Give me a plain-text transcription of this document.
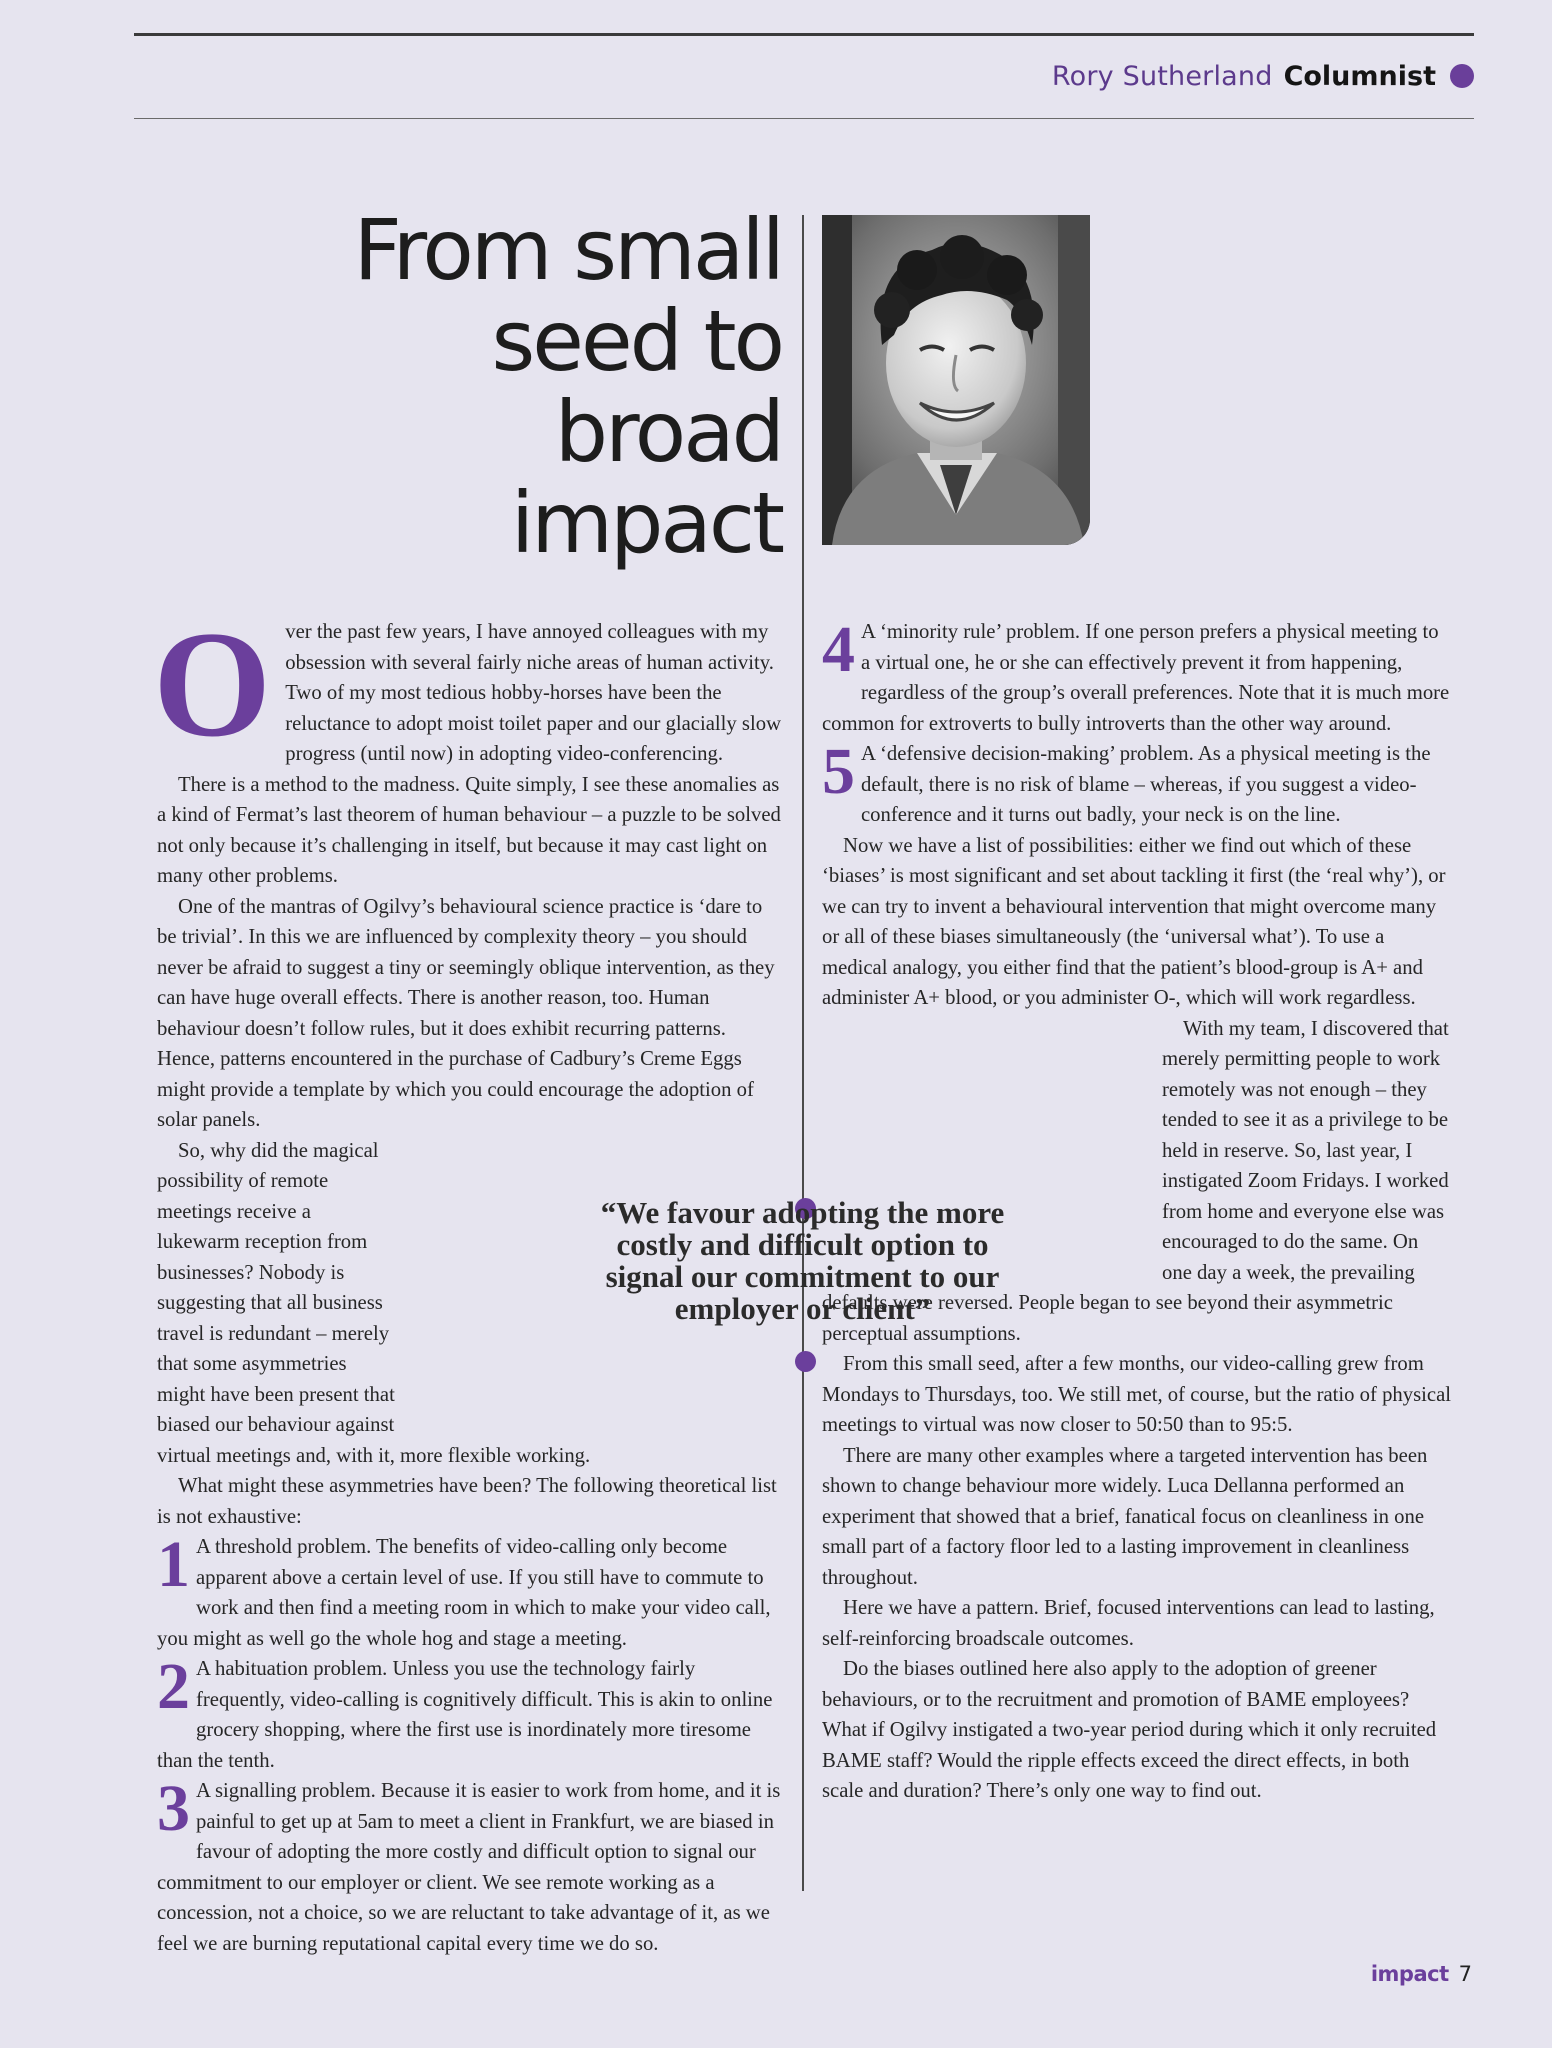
Rory Sutherland Columnist
From small
seed to
broad
impact

Over the past few years, I have annoyed colleagues with my obsession with several fairly niche areas of human activity. Two of my most tedious hobby-horses have been the reluctance to adopt moist toilet paper and our glacially slow progress (until now) in adopting video-conferencing.

There is a method to the madness. Quite simply, I see these anomalies as a kind of Fermat’s last theorem of human behaviour – a puzzle to be solved not only because it’s challenging in itself, but because it may cast light on many other problems.

One of the mantras of Ogilvy’s behavioural science practice is ‘dare to be trivial’. In this we are influenced by complexity theory – you should never be afraid to suggest a tiny or seemingly oblique intervention, as they can have huge overall effects. There is another reason, too. Human behaviour doesn’t follow rules, but it does exhibit recurring patterns. Hence, patterns encountered in the purchase of Cadbury’s Creme Eggs might provide a template by which you could encourage the adoption of solar panels.

So, why did the magical possibility of remote meetings receive a lukewarm reception from businesses? Nobody is suggesting that all business travel is redundant – merely that some asymmetries might have been present that biased our behaviour against virtual meetings and, with it, more flexible working.

What might these asymmetries have been? The following theoretical list is not exhaustive:

1 A threshold problem. The benefits of video-calling only become apparent above a certain level of use. If you still have to commute to work and then find a meeting room in which to make your video call, you might as well go the whole hog and stage a meeting.

2 A habituation problem. Unless you use the technology fairly frequently, video-calling is cognitively difficult. This is akin to online grocery shopping, where the first use is inordinately more tiresome than the tenth.

3 A signalling problem. Because it is easier to work from home, and it is painful to get up at 5am to meet a client in Frankfurt, we are biased in favour of adopting the more costly and difficult option to signal our commitment to our employer or client. We see remote working as a concession, not a choice, so we are reluctant to take advantage of it, as we feel we are burning reputational capital every time we do so.

4 A ‘minority rule’ problem. If one person prefers a physical meeting to a virtual one, he or she can effectively prevent it from happening, regardless of the group’s overall preferences. Note that it is much more common for extroverts to bully introverts than the other way around.

5 A ‘defensive decision-making’ problem. As a physical meeting is the default, there is no risk of blame – whereas, if you suggest a video-conference and it turns out badly, your neck is on the line.

Now we have a list of possibilities: either we find out which of these ‘biases’ is most significant and set about tackling it first (the ‘real why’), or we can try to invent a behavioural intervention that might overcome many or all of these biases simultaneously (the ‘universal what’). To use a medical analogy, you either find that the patient’s blood-group is A+ and administer A+ blood, or you administer O-, which will work regardless.

With my team, I discovered that merely permitting people to work remotely was not enough – they tended to see it as a privilege to be held in reserve. So, last year, I instigated Zoom Fridays. I worked from home and everyone else was encouraged to do the same. On one day a week, the prevailing defaults were reversed. People began to see beyond their asymmetric perceptual assumptions.

From this small seed, after a few months, our video-calling grew from Mondays to Thursdays, too. We still met, of course, but the ratio of physical meetings to virtual was now closer to 50:50 than to 95:5.

There are many other examples where a targeted intervention has been shown to change behaviour more widely. Luca Dellanna performed an experiment that showed that a brief, fanatical focus on cleanliness in one small part of a factory floor led to a lasting improvement in cleanliness throughout.

Here we have a pattern. Brief, focused interventions can lead to lasting, self-reinforcing broadscale outcomes.

Do the biases outlined here also apply to the adoption of greener behaviours, or to the recruitment and promotion of BAME employees? What if Ogilvy instigated a two-year period during which it only recruited BAME staff? Would the ripple effects exceed the direct effects, in both scale and duration? There’s only one way to find out.

“We favour adopting the more costly and difficult option to signal our commitment to our employer or client”
impact 7
